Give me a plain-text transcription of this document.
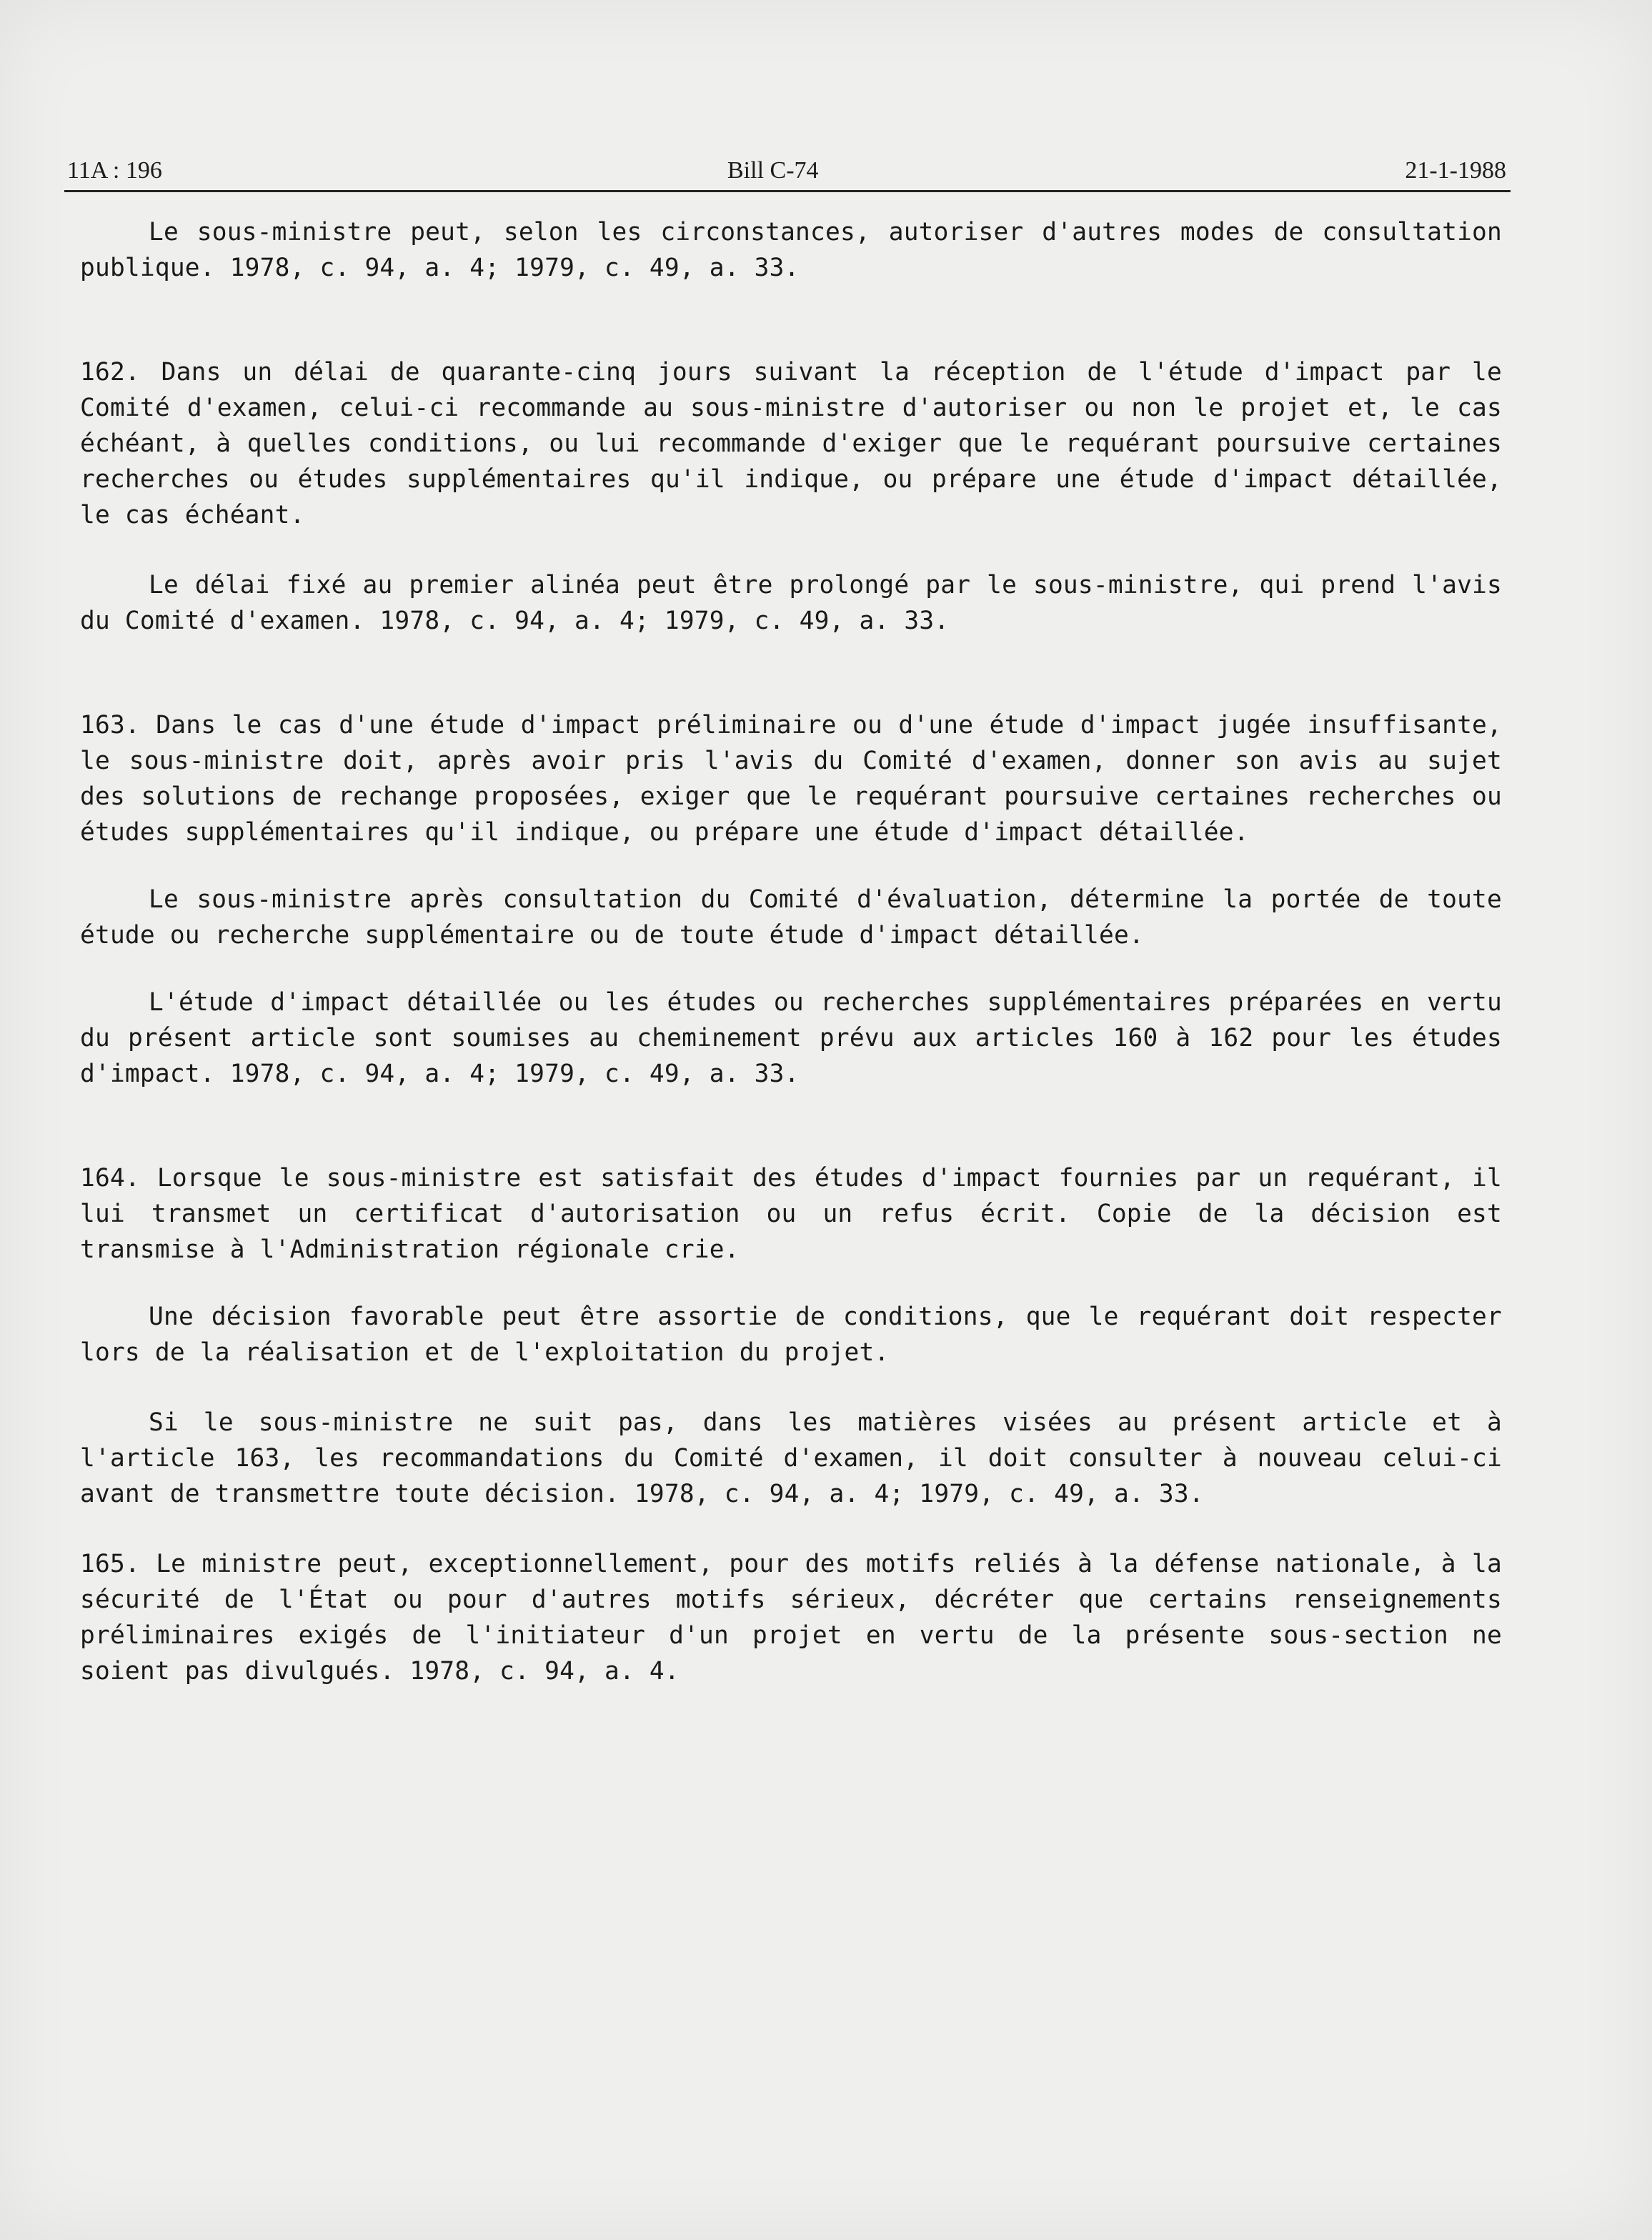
11A : 196	Bill C-74	21-1-1988

Le sous-ministre peut, selon les circonstances, autoriser d'autres modes de consultation publique. 1978, c. 94, a. 4; 1979, c. 49, a. 33.

162. Dans un délai de quarante-cinq jours suivant la réception de l'étude d'impact par le Comité d'examen, celui-ci recommande au sous-ministre d'autoriser ou non le projet et, le cas échéant, à quelles conditions, ou lui recommande d'exiger que le requérant poursuive certaines recherches ou études supplémentaires qu'il indique, ou prépare une étude d'impact détaillée, le cas échéant.

Le délai fixé au premier alinéa peut être prolongé par le sous-ministre, qui prend l'avis du Comité d'examen. 1978, c. 94, a. 4; 1979, c. 49, a. 33.

163. Dans le cas d'une étude d'impact préliminaire ou d'une étude d'impact jugée insuffisante, le sous-ministre doit, après avoir pris l'avis du Comité d'examen, donner son avis au sujet des solutions de rechange proposées, exiger que le requérant poursuive certaines recherches ou études supplémentaires qu'il indique, ou prépare une étude d'impact détaillée.

Le sous-ministre après consultation du Comité d'évaluation, détermine la portée de toute étude ou recherche supplémentaire ou de toute étude d'impact détaillée.

L'étude d'impact détaillée ou les études ou recherches supplémentaires préparées en vertu du présent article sont soumises au cheminement prévu aux articles 160 à 162 pour les études d'impact. 1978, c. 94, a. 4; 1979, c. 49, a. 33.

164. Lorsque le sous-ministre est satisfait des études d'impact fournies par un requérant, il lui transmet un certificat d'autorisation ou un refus écrit. Copie de la décision est transmise à l'Administration régionale crie.

Une décision favorable peut être assortie de conditions, que le requérant doit respecter lors de la réalisation et de l'exploitation du projet.

Si le sous-ministre ne suit pas, dans les matières visées au présent article et à l'article 163, les recommandations du Comité d'examen, il doit consulter à nouveau celui-ci avant de transmettre toute décision. 1978, c. 94, a. 4; 1979, c. 49, a. 33.

165. Le ministre peut, exceptionnellement, pour des motifs reliés à la défense nationale, à la sécurité de l'État ou pour d'autres motifs sérieux, décréter que certains renseignements préliminaires exigés de l'initiateur d'un projet en vertu de la présente sous-section ne soient pas divulgués. 1978, c. 94, a. 4.
